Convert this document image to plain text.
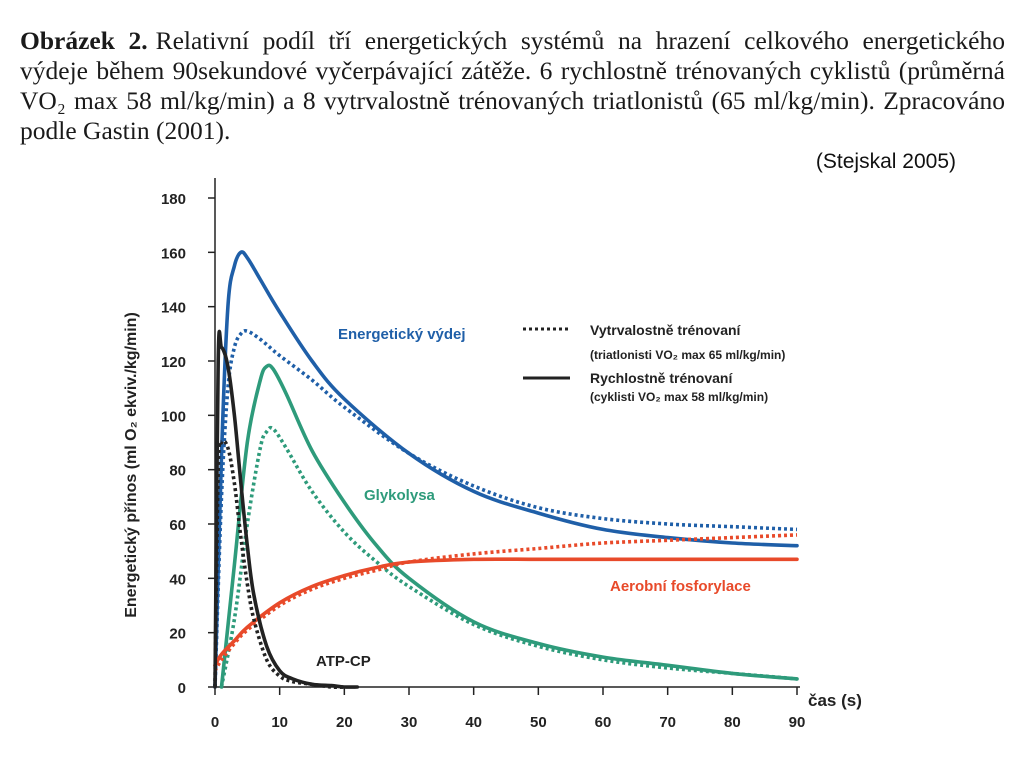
Obrázek 2. Relativní podíl tří energetických systémů na hrazení celkového energetického výdeje během 90sekundové vyčerpávající zátěže. 6 rychlostně trénovaných cyklistů (průměrná VO₂ max 58 ml/kg/min) a 8 vytrvalostně trénovaných triatlonistů (65 ml/kg/min). Zpracováno podle Gastin (2001).
(Stejskal 2005)
0
20
40
60
80
100
120
140
160
180
0	10	20	30	40	50	60	70	80	90
Energetický přínos (ml O₂ ekviv./kg/min)
čas (s)
Energetický výdej
Glykolysa
Aerobní fosforylace
ATP-CP
Vytrvalostně trénovaní
(triatlonisti VO₂ max 65 ml/kg/min)
Rychlostně trénovaní
(cyklisti VO₂ max 58 ml/kg/min)
